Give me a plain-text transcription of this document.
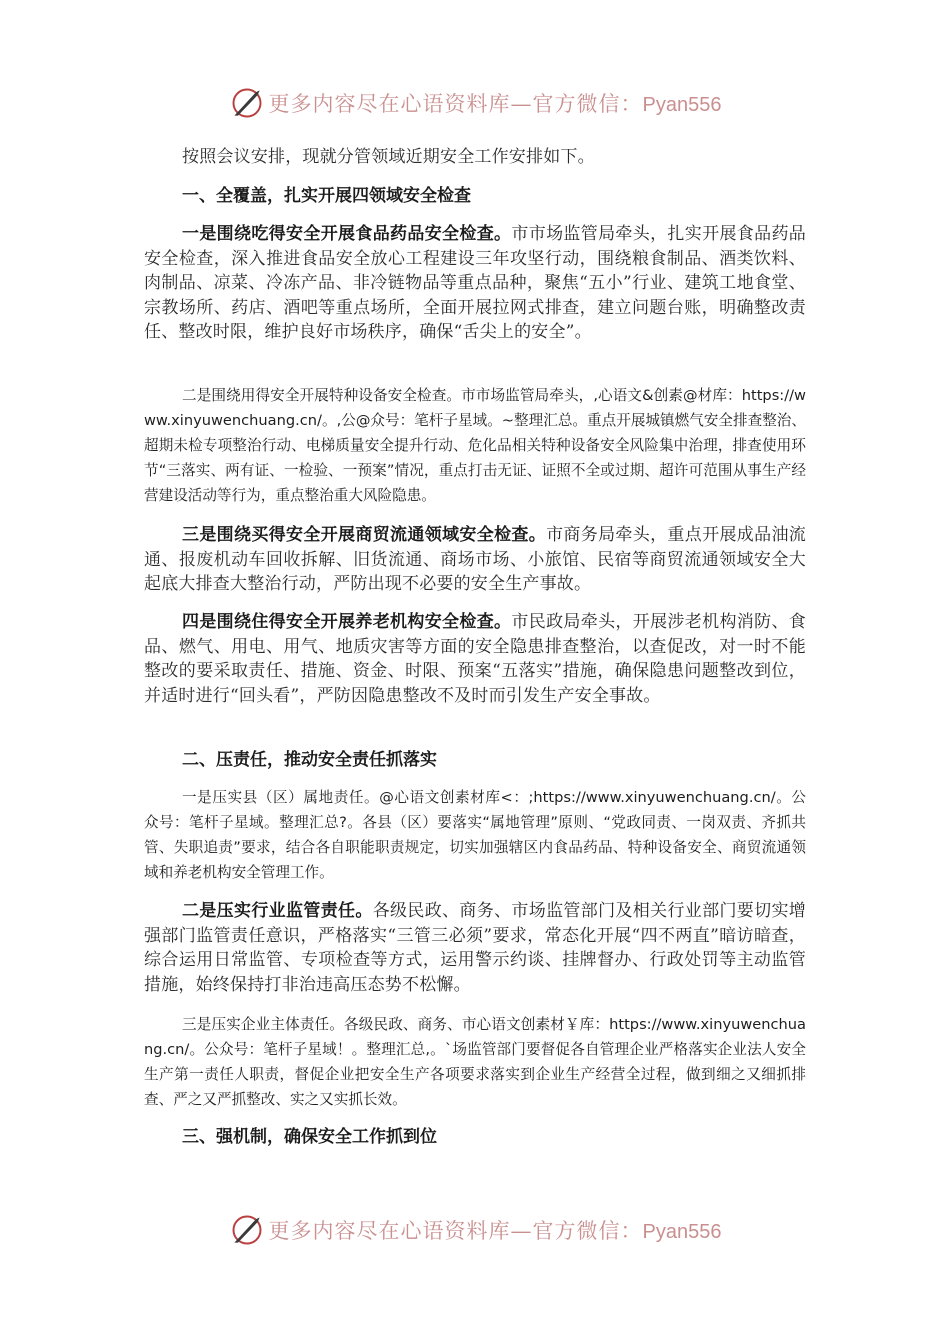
更多内容尽在心语资料库—官方微信：Pyan556

按照会议安排，现就分管领域近期安全工作安排如下。

一、全覆盖，扎实开展四领域安全检查

一是围绕吃得安全开展食品药品安全检查。市市场监管局牵头，扎实开展食品药品安全检查，深入推进食品安全放心工程建设三年攻坚行动，围绕粮食制品、酒类饮料、肉制品、凉菜、冷冻产品、非冷链物品等重点品种，聚焦“五小”行业、建筑工地食堂、宗教场所、药店、酒吧等重点场所，全面开展拉网式排查，建立问题台账，明确整改责任、整改时限，维护良好市场秩序，确保“舌尖上的安全”。

二是围绕用得安全开展特种设备安全检查。市市场监管局牵头，,心语文&创素@材库：https://www.xinyuwenchuang.cn/。,公@众号：笔杆子星域。~整理汇总。重点开展城镇燃气安全排查整治、超期未检专项整治行动、电梯质量安全提升行动、危化品相关特种设备安全风险集中治理，排查使用环节“三落实、两有证、一检验、一预案”情况，重点打击无证、证照不全或过期、超许可范围从事生产经营建设活动等行为，重点整治重大风险隐患。

三是围绕买得安全开展商贸流通领域安全检查。市商务局牵头，重点开展成品油流通、报废机动车回收拆解、旧货流通、商场市场、小旅馆、民宿等商贸流通领域安全大起底大排查大整治行动，严防出现不必要的安全生产事故。

四是围绕住得安全开展养老机构安全检查。市民政局牵头，开展涉老机构消防、食品、燃气、用电、用气、地质灾害等方面的安全隐患排查整治，以查促改，对一时不能整改的要采取责任、措施、资金、时限、预案“五落实”措施，确保隐患问题整改到位，并适时进行“回头看”，严防因隐患整改不及时而引发生产安全事故。

二、压责任，推动安全责任抓落实

一是压实县（区）属地责任。@心语文创素材库<：;https://www.xinyuwenchuang.cn/。公众号：笔杆子星域。整理汇总?。各县（区）要落实“属地管理”原则、“党政同责、一岗双责、齐抓共管、失职追责”要求，结合各自职能职责规定，切实加强辖区内食品药品、特种设备安全、商贸流通领域和养老机构安全管理工作。

二是压实行业监管责任。各级民政、商务、市场监管部门及相关行业部门要切实增强部门监管责任意识，严格落实“三管三必须”要求，常态化开展“四不两直”暗访暗查，综合运用日常监管、专项检查等方式，运用警示约谈、挂牌督办、行政处罚等主动监管措施，始终保持打非治违高压态势不松懈。

三是压实企业主体责任。各级民政、商务、市心语文创素材￥库：https://www.xinyuwenchuang.cn/。公众号：笔杆子星域！。整理汇总,。`场监管部门要督促各自管理企业严格落实企业法人安全生产第一责任人职责，督促企业把安全生产各项要求落实到企业生产经营全过程，做到细之又细抓排查、严之又严抓整改、实之又实抓长效。

三、强机制，确保安全工作抓到位

更多内容尽在心语资料库—官方微信：Pyan556
